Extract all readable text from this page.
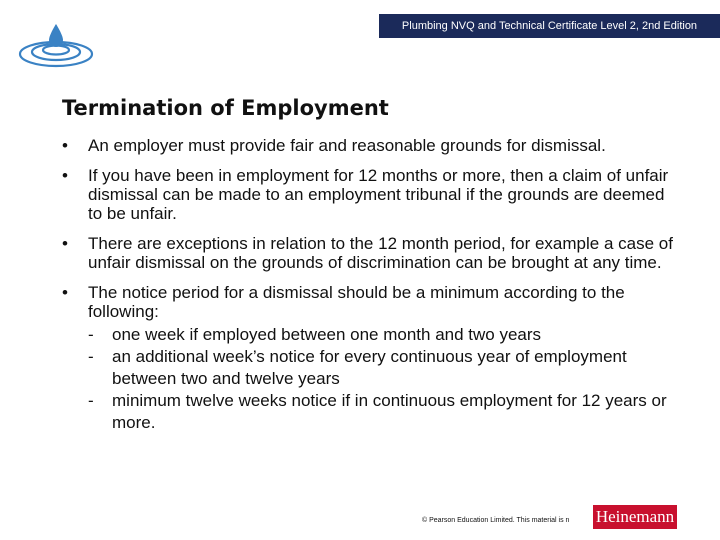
Plumbing NVQ and Technical Certificate Level 2, 2nd Edition
Termination of Employment
• An employer must provide fair and reasonable grounds for dismissal.
• If you have been in employment for 12 months or more, then a claim of unfair dismissal can be made to an employment tribunal if the grounds are deemed to be unfair.
• There are exceptions in relation to the 12 month period, for example a case of unfair dismissal on the grounds of discrimination can be brought at any time.
• The notice period for a dismissal should be a minimum according to the following:
- one week if employed between one month and two years
- an additional week’s notice for every continuous year of employment between two and twelve years
- minimum twelve weeks notice if in continuous employment for 12 years or more.
© Pearson Education Limited. This material is n	Heinemann
